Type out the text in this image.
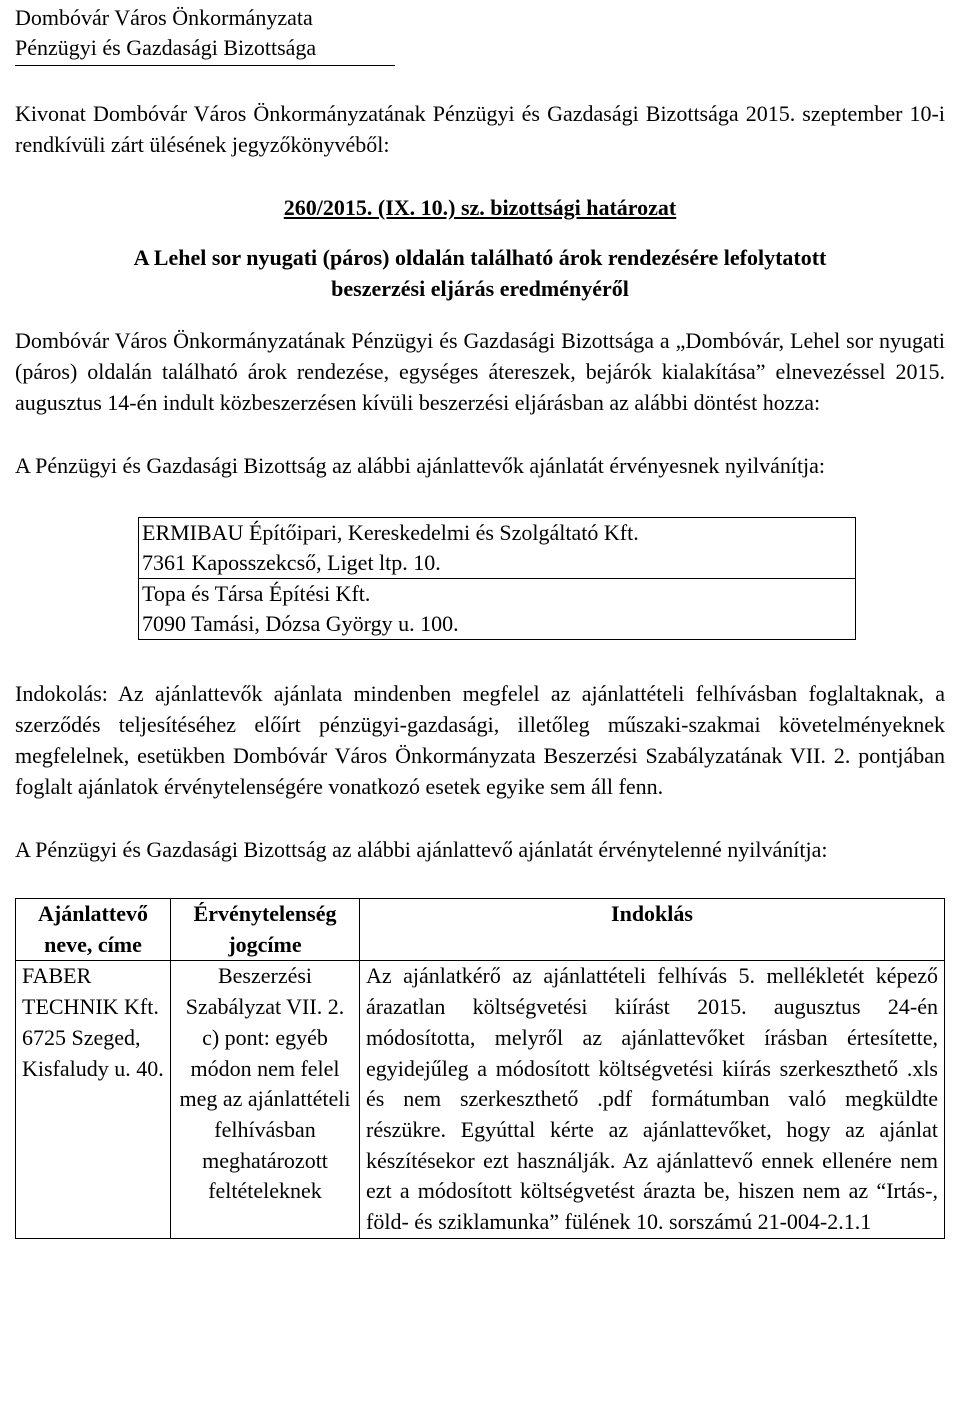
Dombóvár Város Önkormányzata
Pénzügyi és Gazdasági Bizottsága

Kivonat Dombóvár Város Önkormányzatának Pénzügyi és Gazdasági Bizottsága 2015. szeptember 10-i rendkívüli zárt ülésének jegyzőkönyvéből:

260/2015. (IX. 10.) sz. bizottsági határozat
A Lehel sor nyugati (páros) oldalán található árok rendezésére lefolytatott
beszerzési eljárás eredményéről

Dombóvár Város Önkormányzatának Pénzügyi és Gazdasági Bizottsága a „Dombóvár, Lehel sor nyugati (páros) oldalán található árok rendezése, egységes átereszek, bejárók kialakítása” elnevezéssel 2015. augusztus 14-én indult közbeszerzésen kívüli beszerzési eljárásban az alábbi döntést hozza:

A Pénzügyi és Gazdasági Bizottság az alábbi ajánlattevők ajánlatát érvényesnek nyilvánítja:

ERMIBAU Építőipari, Kereskedelmi és Szolgáltató Kft.
7361 Kaposszekcső, Liget ltp. 10.

Topa és Társa Építési Kft.
7090 Tamási, Dózsa György u. 100.

Indokolás: Az ajánlattevők ajánlata mindenben megfelel az ajánlattételi felhívásban foglaltaknak, a szerződés teljesítéséhez előírt pénzügyi-gazdasági, illetőleg műszaki-szakmai követelményeknek megfelelnek, esetükben Dombóvár Város Önkormányzata Beszerzési Szabályzatának VII. 2. pontjában foglalt ajánlatok érvénytelenségére vonatkozó esetek egyike sem áll fenn.

A Pénzügyi és Gazdasági Bizottság az alábbi ajánlattevő ajánlatát érvénytelenné nyilvánítja:

Ajánlattevő neve, címe	Érvénytelenség jogcíme	Indoklás
FABER TECHNIK Kft. 6725 Szeged, Kisfaludy u. 40.	Beszerzési Szabályzat VII. 2. c) pont: egyéb módon nem felel meg az ajánlattételi felhívásban meghatározott feltételeknek	Az ajánlatkérő az ajánlattételi felhívás 5. mellékletét képező árazatlan költségvetési kiírást 2015. augusztus 24-én módosította, melyről az ajánlattevőket írásban értesítette, egyidejűleg a módosított költségvetési kiírás szerkeszthető .xls és nem szerkeszthető .pdf formátumban való megküldte részükre. Egyúttal kérte az ajánlattevőket, hogy az ajánlat készítésekor ezt használják. Az ajánlattevő ennek ellenére nem ezt a módosított költségvetést árazta be, hiszen nem az “Irtás-, föld- és sziklamunka” fülének 10. sorszámú 21-004-2.1.1
